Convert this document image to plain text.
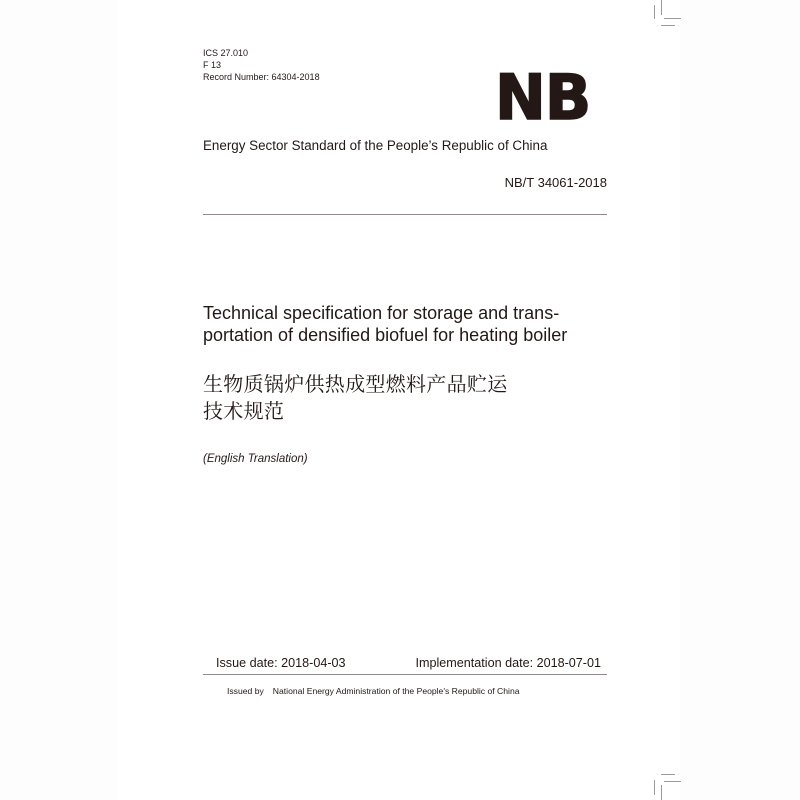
ICS 27.010
F 13
Record Number: 64304-2018	NB
Energy Sector Standard of the People’s Republic of China
NB/T 34061-2018
Technical specification for storage and trans-
portation of densified biofuel for heating boiler
生物质锅炉供热成型燃料产品贮运
技术规范
(English Translation)
Issue date: 2018-04-03	Implementation date: 2018-07-01
Issued by National Energy Administration of the People's Republic of China
